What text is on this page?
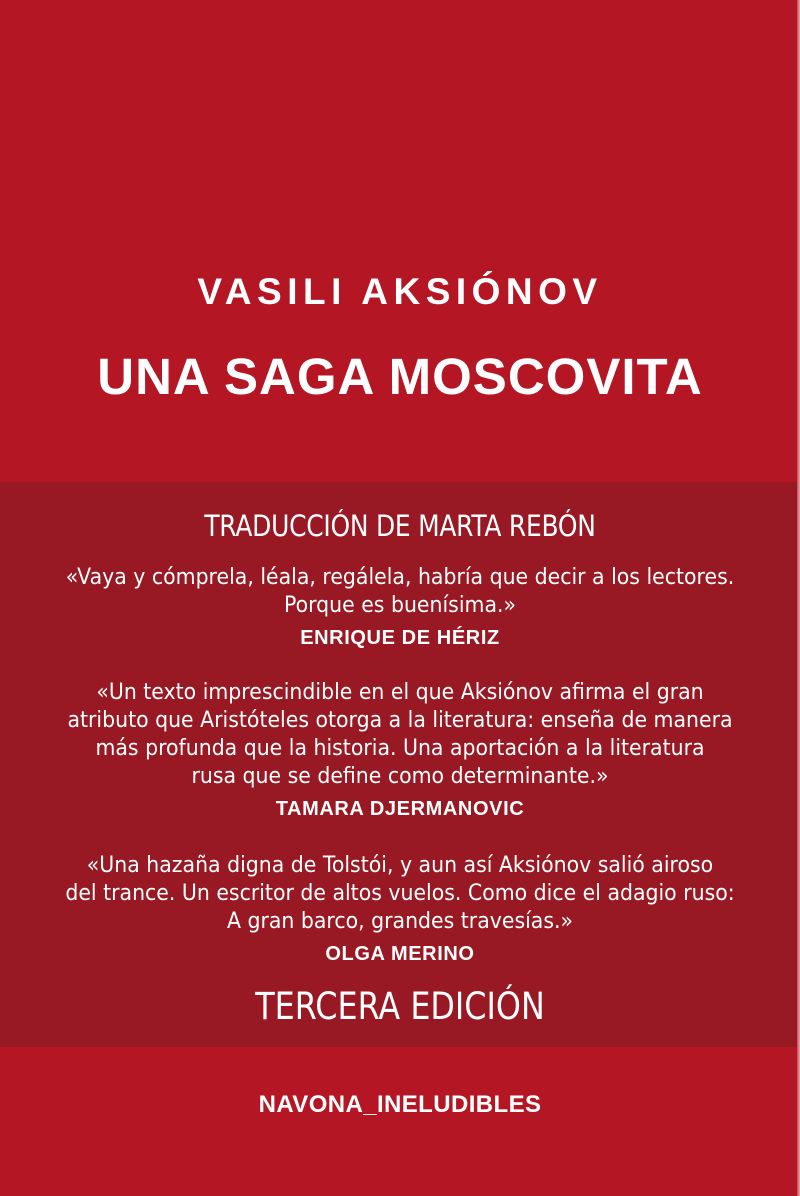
VASILI AKSIÓNOV
UNA SAGA MOSCOVITA
TRADUCCIÓN DE MARTA REBÓN
«Vaya y cómprela, léala, regálela, habría que decir a los lectores.
Porque es buenísima.»
ENRIQUE DE HÉRIZ
«Un texto imprescindible en el que Aksiónov afirma el gran
atributo que Aristóteles otorga a la literatura: enseña de manera
más profunda que la historia. Una aportación a la literatura
rusa que se define como determinante.»
TAMARA DJERMANOVIC
«Una hazaña digna de Tolstói, y aun así Aksiónov salió airoso
del trance. Un escritor de altos vuelos. Como dice el adagio ruso:
A gran barco, grandes travesías.»
OLGA MERINO
TERCERA EDICIÓN
NAVONA_INELUDIBLES
